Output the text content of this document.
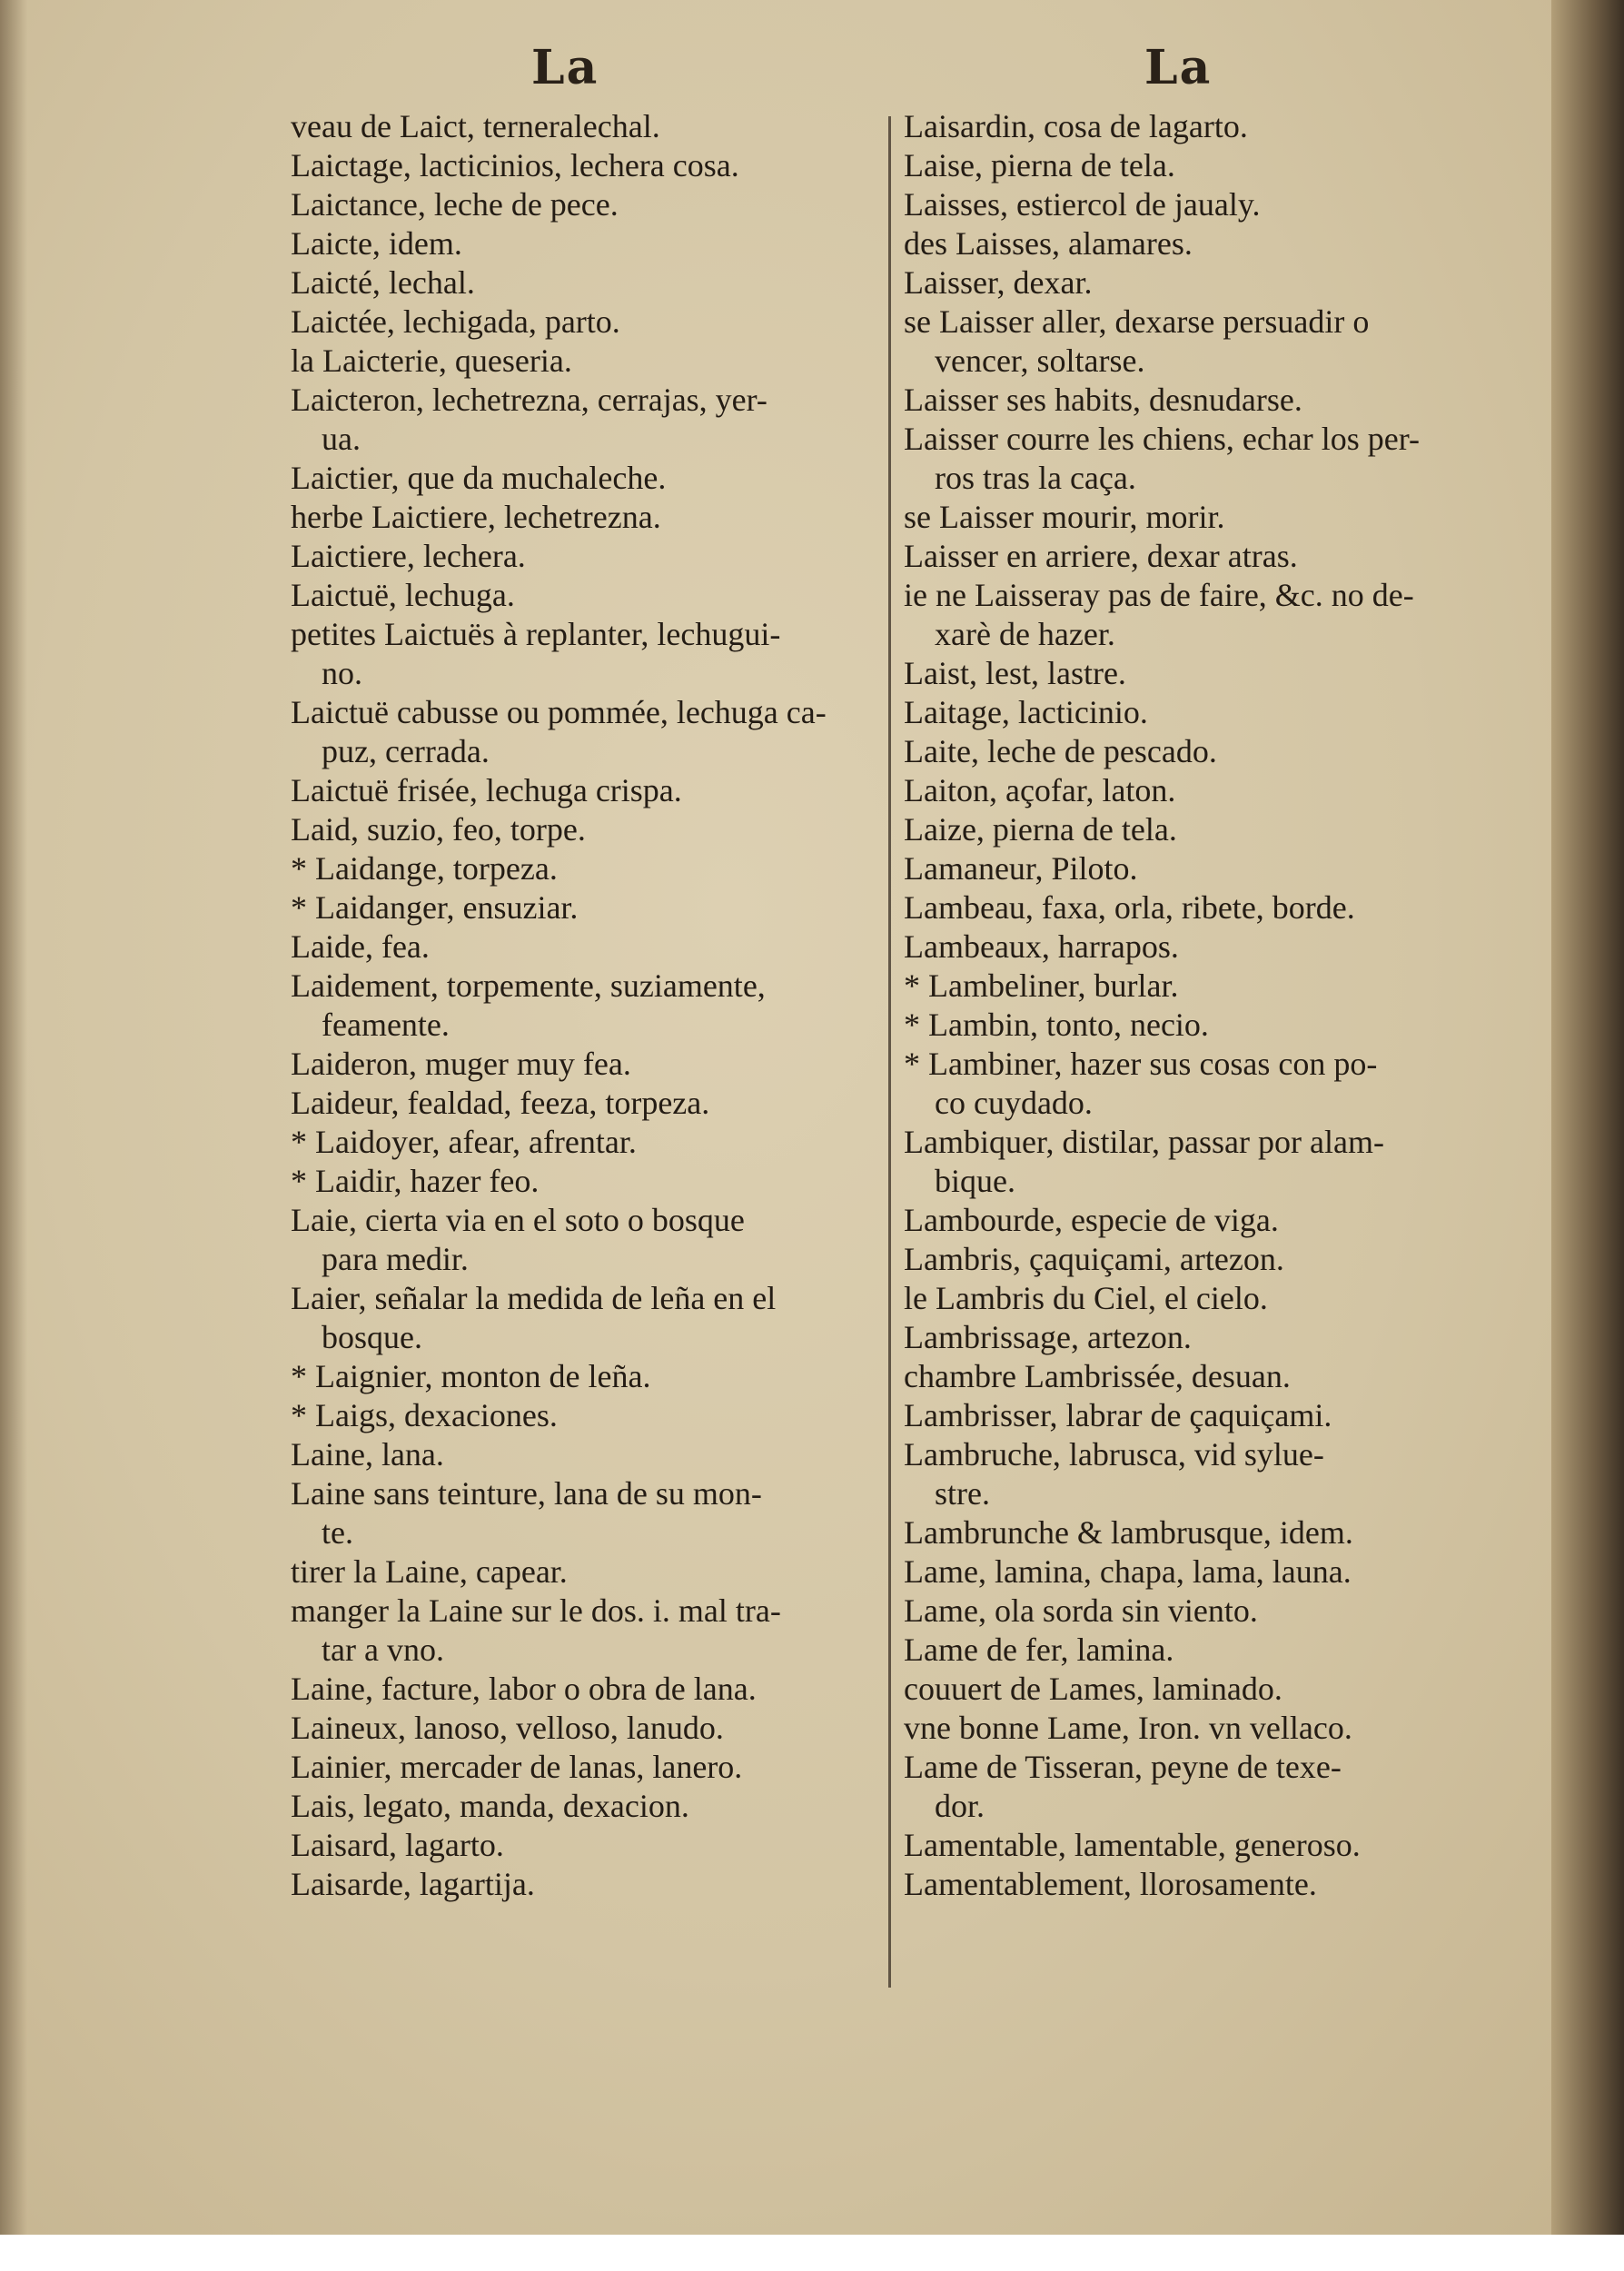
La	La
veau de Laict, terneralechal.
Laictage, lacticinios, lechera cosa.
Laictance, leche de pece.
Laicte, idem.
Laicté, lechal.
Laictée, lechigada, parto.
la Laicterie, queseria.
Laicteron, lechetrezna, cerrajas, yer-
ua.
Laictier, que da muchaleche.
herbe Laictiere, lechetrezna.
Laictiere, lechera.
Laictuë, lechuga.
petites Laictuës à replanter, lechugui-
no.
Laictuë cabusse ou pommée, lechuga ca-
puz, cerrada.
Laictuë frisée, lechuga crispa.
Laid, suzio, feo, torpe.
* Laidange, torpeza.
* Laidanger, ensuziar.
Laide, fea.
Laidement, torpemente, suziamente,
feamente.
Laideron, muger muy fea.
Laideur, fealdad, feeza, torpeza.
* Laidoyer, afear, afrentar.
* Laidir, hazer feo.
Laie, cierta via en el soto o bosque
para medir.
Laier, señalar la medida de leña en el
bosque.
* Laignier, monton de leña.
* Laigs, dexaciones.
Laine, lana.
Laine sans teinture, lana de su mon-
te.
tirer la Laine, capear.
manger la Laine sur le dos. i. mal tra-
tar a vno.
Laine, facture, labor o obra de lana.
Laineux, lanoso, velloso, lanudo.
Lainier, mercader de lanas, lanero.
Lais, legato, manda, dexacion.
Laisard, lagarto.
Laisarde, lagartija.
Laisardin, cosa de lagarto.
Laise, pierna de tela.
Laisses, estiercol de jaualy.
des Laisses, alamares.
Laisser, dexar.
se Laisser aller, dexarse persuadir o
vencer, soltarse.
Laisser ses habits, desnudarse.
Laisser courre les chiens, echar los per-
ros tras la caça.
se Laisser mourir, morir.
Laisser en arriere, dexar atras.
ie ne Laisseray pas de faire, &c. no de-
xarè de hazer.
Laist, lest, lastre.
Laitage, lacticinio.
Laite, leche de pescado.
Laiton, açofar, laton.
Laize, pierna de tela.
Lamaneur, Piloto.
Lambeau, faxa, orla, ribete, borde.
Lambeaux, harrapos.
* Lambeliner, burlar.
* Lambin, tonto, necio.
* Lambiner, hazer sus cosas con po-
co cuydado.
Lambiquer, distilar, passar por alam-
bique.
Lambourde, especie de viga.
Lambris, çaquiçami, artezon.
le Lambris du Ciel, el cielo.
Lambrissage, artezon.
chambre Lambrissée, desuan.
Lambrisser, labrar de çaquiçami.
Lambruche, labrusca, vid sylue-
stre.
Lambrunche & lambrusque, idem.
Lame, lamina, chapa, lama, launa.
Lame, ola sorda sin viento.
Lame de fer, lamina.
couuert de Lames, laminado.
vne bonne Lame, Iron. vn vellaco.
Lame de Tisseran, peyne de texe-
dor.
Lamentable, lamentable, generoso.
Lamentablement, llorosamente.
